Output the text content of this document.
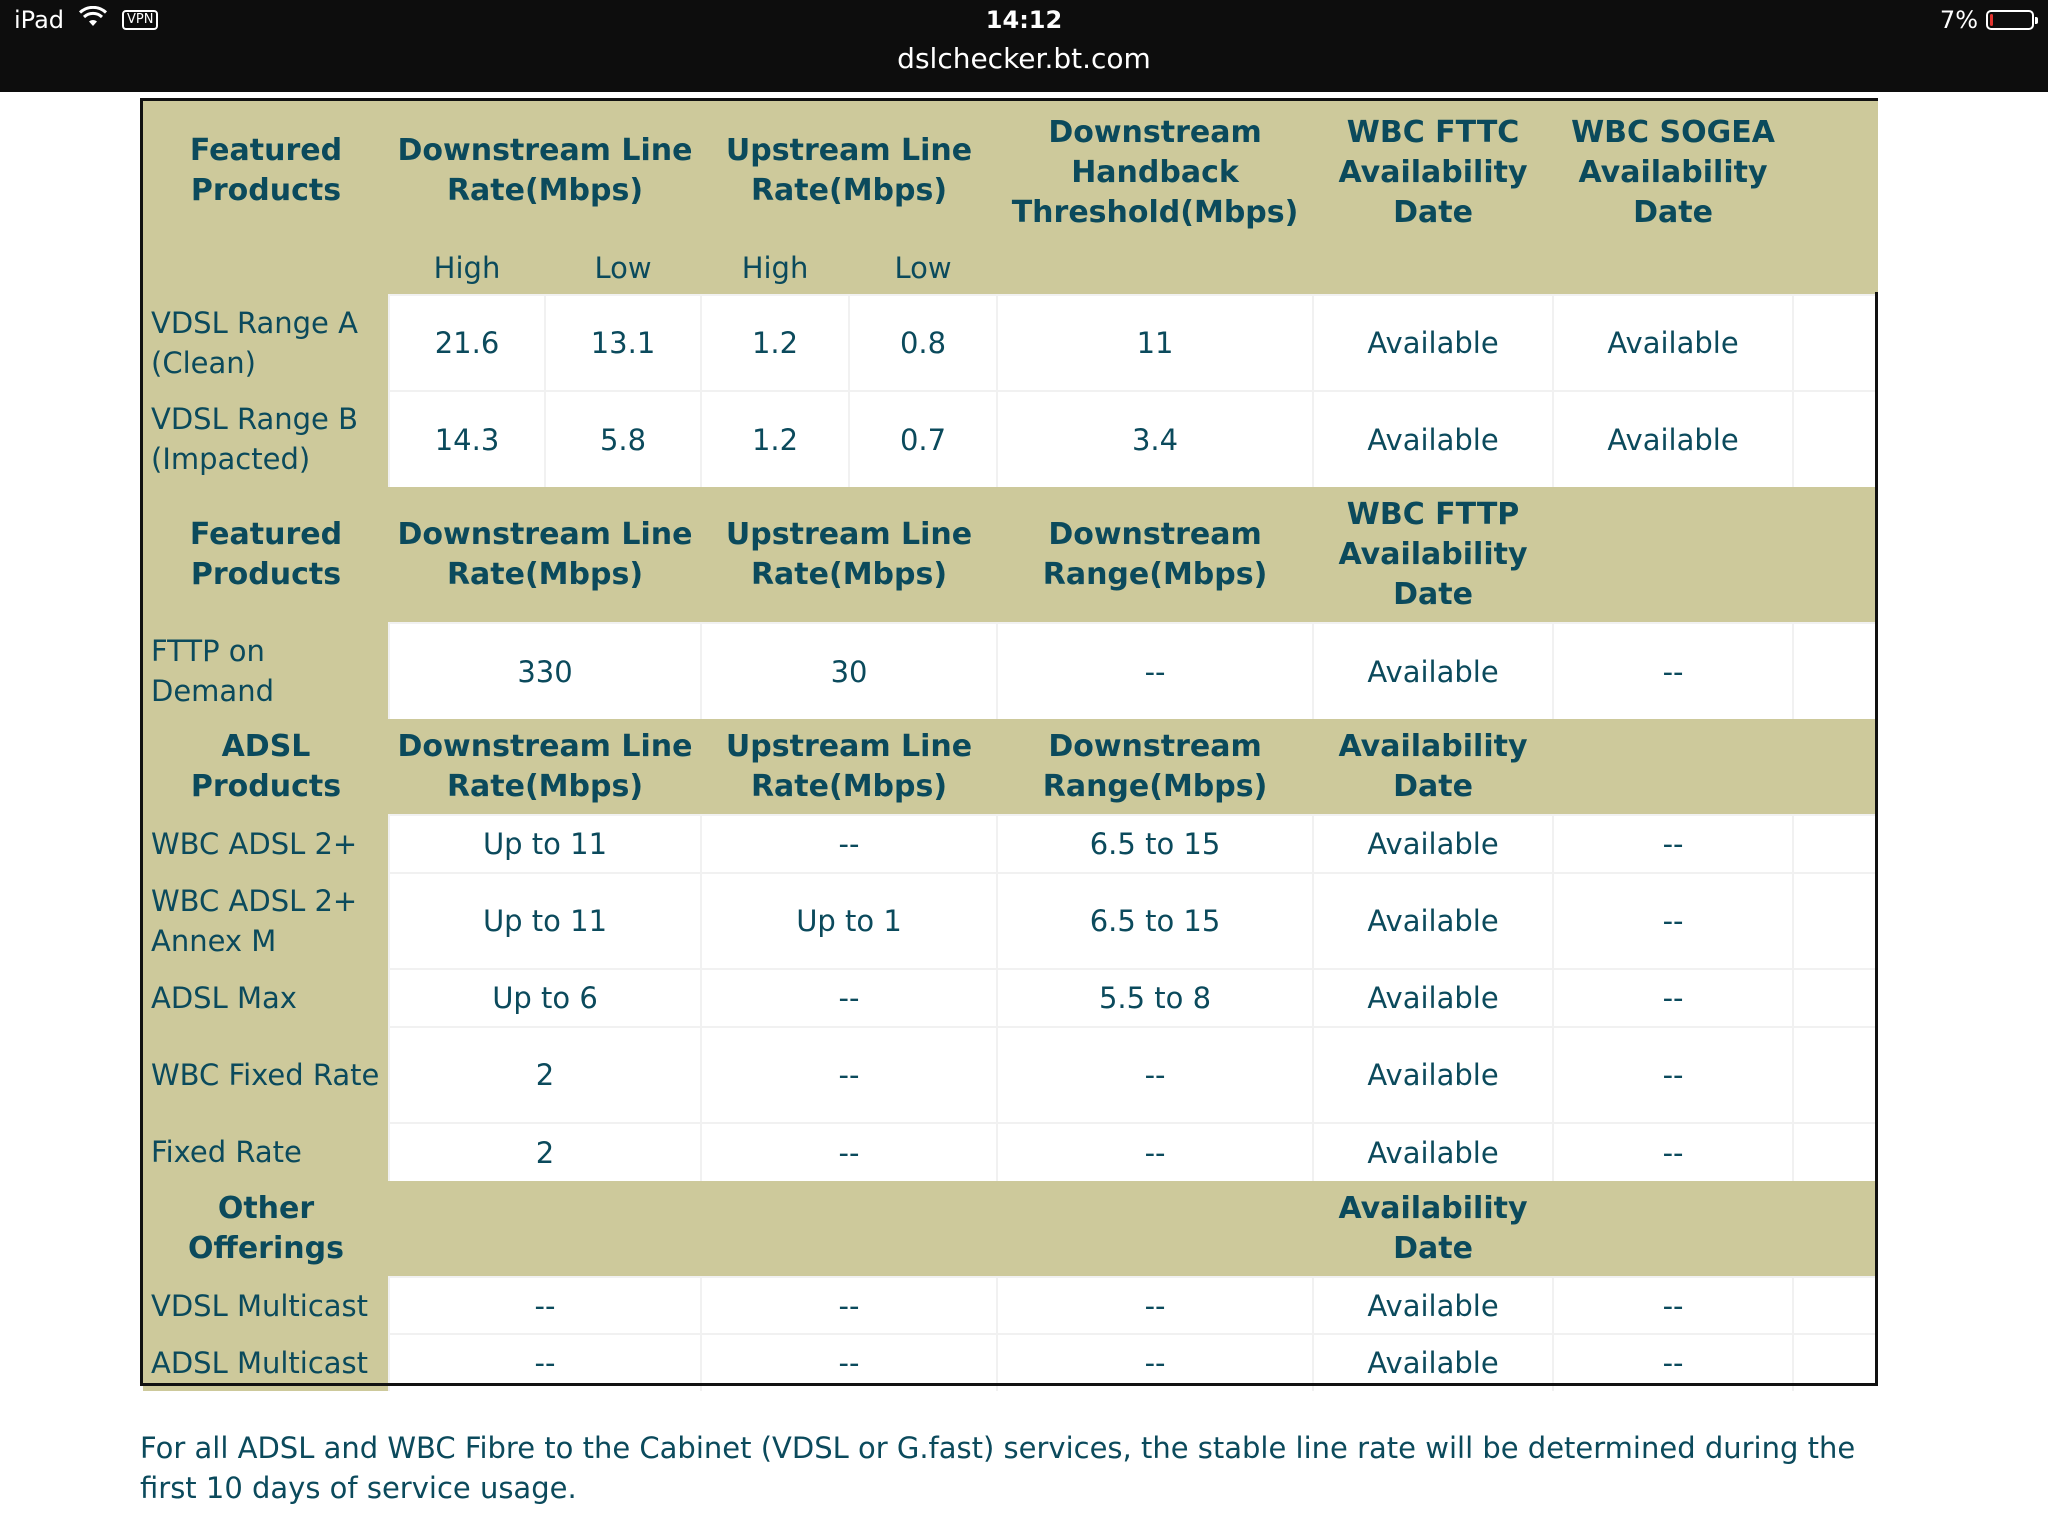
iPad	VPN	14:12
dslchecker.bt.com
7%
Featured Products	Downstream Line Rate(Mbps)		Upstream Line Rate(Mbps)		Downstream Handback Threshold(Mbps)	WBC FTTC Availability Date	WBC SOGEA Availability Date	
	High	Low	High	Low				
VDSL Range A (Clean)	21.6	13.1	1.2	0.8	11	Available	Available	
VDSL Range B (Impacted)	14.3	5.8	1.2	0.7	3.4	Available	Available	
Featured Products	Downstream Line Rate(Mbps)		Upstream Line Rate(Mbps)		Downstream Range(Mbps)	WBC FTTP Availability Date		
FTTP on Demand	330		30		--	Available	--	
ADSL Products	Downstream Line Rate(Mbps)		Upstream Line Rate(Mbps)		Downstream Range(Mbps)	Availability Date		
WBC ADSL 2+	Up to 11		--		6.5 to 15	Available	--	
WBC ADSL 2+ Annex M	Up to 11		Up to 1		6.5 to 15	Available	--	
ADSL Max	Up to 6		--		5.5 to 8	Available	--	
WBC Fixed Rate	2		--		--	Available	--	
Fixed Rate	2		--		--	Available	--	
Other Offerings						Availability Date		
VDSL Multicast	--		--		--	Available	--	
ADSL Multicast	--		--		--	Available	--	
For all ADSL and WBC Fibre to the Cabinet (VDSL or G.fast) services, the stable line rate will be determined during the first 10 days of service usage.
